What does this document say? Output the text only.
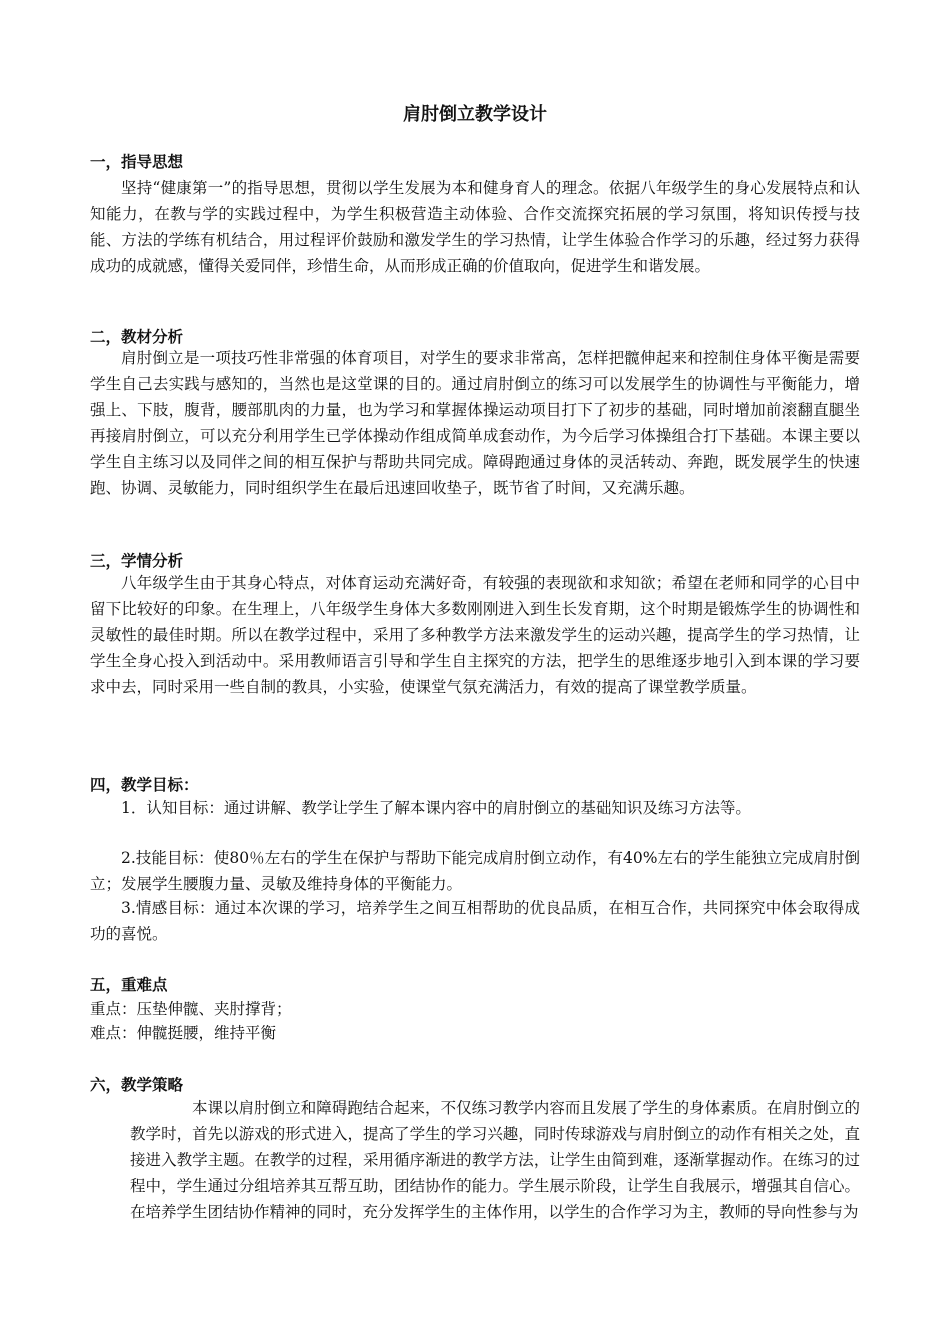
肩肘倒立教学设计
一，指导思想

坚持“健康第一”的指导思想，贯彻以学生发展为本和健身育人的理念。依据八年级学生的身心发展特点和认知能力，在教与学的实践过程中，为学生积极营造主动体验、合作交流探究拓展的学习氛围，将知识传授与技能、方法的学练有机结合，用过程评价鼓励和激发学生的学习热情，让学生体验合作学习的乐趣，经过努力获得成功的成就感，懂得关爱同伴，珍惜生命，从而形成正确的价值取向，促进学生和谐发展。

二，教材分析

肩肘倒立是一项技巧性非常强的体育项目，对学生的要求非常高，怎样把髋伸起来和控制住身体平衡是需要学生自己去实践与感知的，当然也是这堂课的目的。通过肩肘倒立的练习可以发展学生的协调性与平衡能力，增强上、下肢，腹背，腰部肌肉的力量，也为学习和掌握体操运动项目打下了初步的基础，同时增加前滚翻直腿坐再接肩肘倒立，可以充分利用学生已学体操动作组成简单成套动作，为今后学习体操组合打下基础。本课主要以学生自主练习以及同伴之间的相互保护与帮助共同完成。障碍跑通过身体的灵活转动、奔跑，既发展学生的快速跑、协调、灵敏能力，同时组织学生在最后迅速回收垫子，既节省了时间，又充满乐趣。

三，学情分析

八年级学生由于其身心特点，对体育运动充满好奇，有较强的表现欲和求知欲；希望在老师和同学的心目中留下比较好的印象。在生理上，八年级学生身体大多数刚刚进入到生长发育期，这个时期是锻炼学生的协调性和灵敏性的最佳时期。所以在教学过程中，采用了多种教学方法来激发学生的运动兴趣，提高学生的学习热情，让学生全身心投入到活动中。采用教师语言引导和学生自主探究的方法，把学生的思维逐步地引入到本课的学习要求中去，同时采用一些自制的教具，小实验，使课堂气氛充满活力，有效的提高了课堂教学质量。

四，教学目标：

1．认知目标：通过讲解、教学让学生了解本课内容中的肩肘倒立的基础知识及练习方法等。

2.技能目标：使80％左右的学生在保护与帮助下能完成肩肘倒立动作，有40%左右的学生能独立完成肩肘倒立；发展学生腰腹力量、灵敏及维持身体的平衡能力。

3.情感目标：通过本次课的学习，培养学生之间互相帮助的优良品质，在相互合作，共同探究中体会取得成功的喜悦。

五，重难点

重点：压垫伸髋、夹肘撑背；

难点：伸髋挺腰，维持平衡

六，教学策略

本课以肩肘倒立和障碍跑结合起来，不仅练习教学内容而且发展了学生的身体素质。在肩肘倒立的教学时，首先以游戏的形式进入，提高了学生的学习兴趣，同时传球游戏与肩肘倒立的动作有相关之处，直接进入教学主题。在教学的过程，采用循序渐进的教学方法，让学生由简到难，逐渐掌握动作。在练习的过程中，学生通过分组培养其互帮互助，团结协作的能力。学生展示阶段，让学生自我展示，增强其自信心。在培养学生团结协作精神的同时，充分发挥学生的主体作用，以学生的合作学习为主，教师的导向性参与为
